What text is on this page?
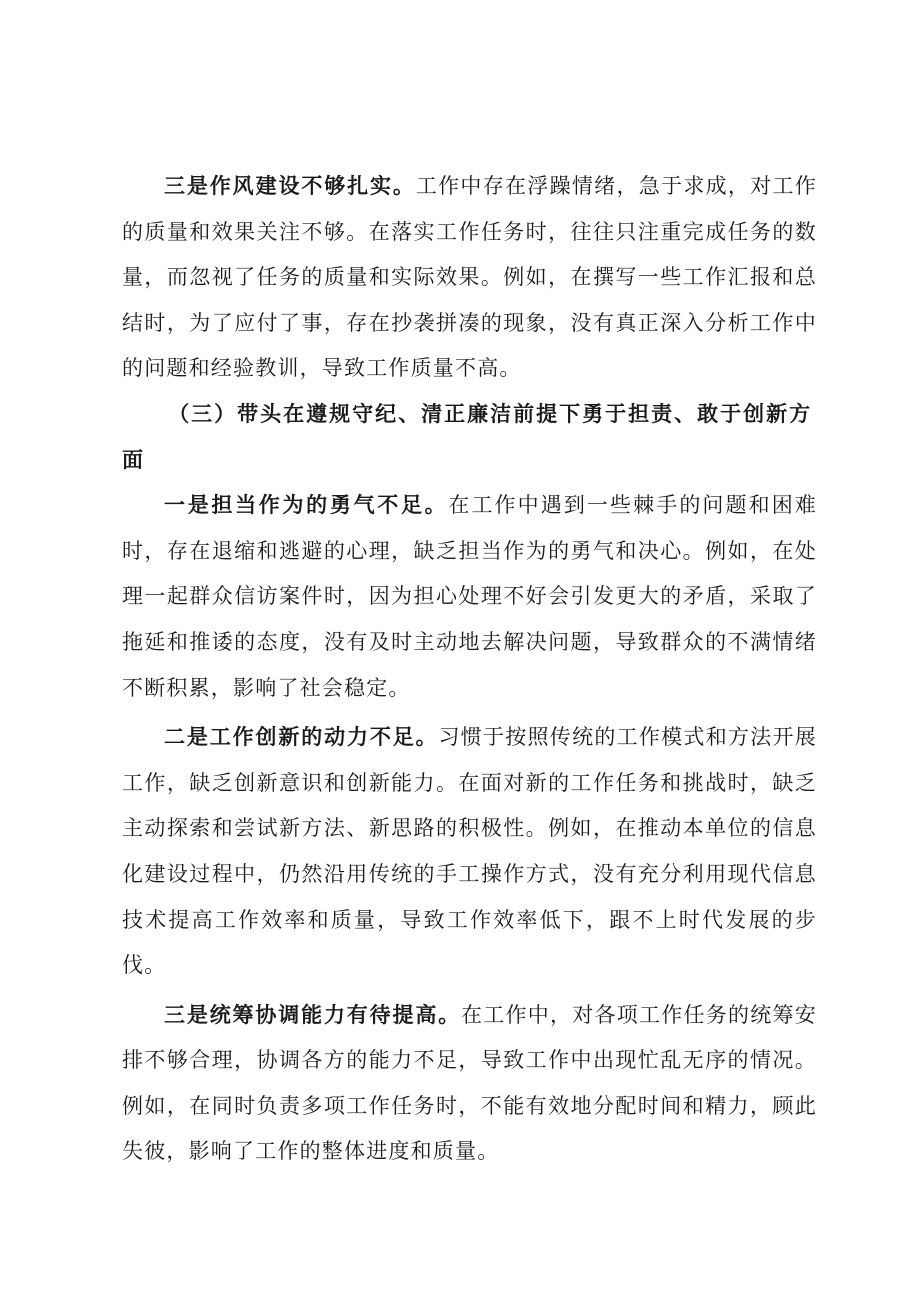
三是作风建设不够扎实。工作中存在浮躁情绪，急于求成，对工作的质量和效果关注不够。在落实工作任务时，往往只注重完成任务的数量，而忽视了任务的质量和实际效果。例如，在撰写一些工作汇报和总结时，为了应付了事，存在抄袭拼凑的现象，没有真正深入分析工作中的问题和经验教训，导致工作质量不高。

（三）带头在遵规守纪、清正廉洁前提下勇于担责、敢于创新方面

一是担当作为的勇气不足。在工作中遇到一些棘手的问题和困难时，存在退缩和逃避的心理，缺乏担当作为的勇气和决心。例如，在处理一起群众信访案件时，因为担心处理不好会引发更大的矛盾，采取了拖延和推诿的态度，没有及时主动地去解决问题，导致群众的不满情绪不断积累，影响了社会稳定。

二是工作创新的动力不足。习惯于按照传统的工作模式和方法开展工作，缺乏创新意识和创新能力。在面对新的工作任务和挑战时，缺乏主动探索和尝试新方法、新思路的积极性。例如，在推动本单位的信息化建设过程中，仍然沿用传统的手工操作方式，没有充分利用现代信息技术提高工作效率和质量，导致工作效率低下，跟不上时代发展的步伐。

三是统筹协调能力有待提高。在工作中，对各项工作任务的统筹安排不够合理，协调各方的能力不足，导致工作中出现忙乱无序的情况。例如，在同时负责多项工作任务时，不能有效地分配时间和精力，顾此失彼，影响了工作的整体进度和质量。
